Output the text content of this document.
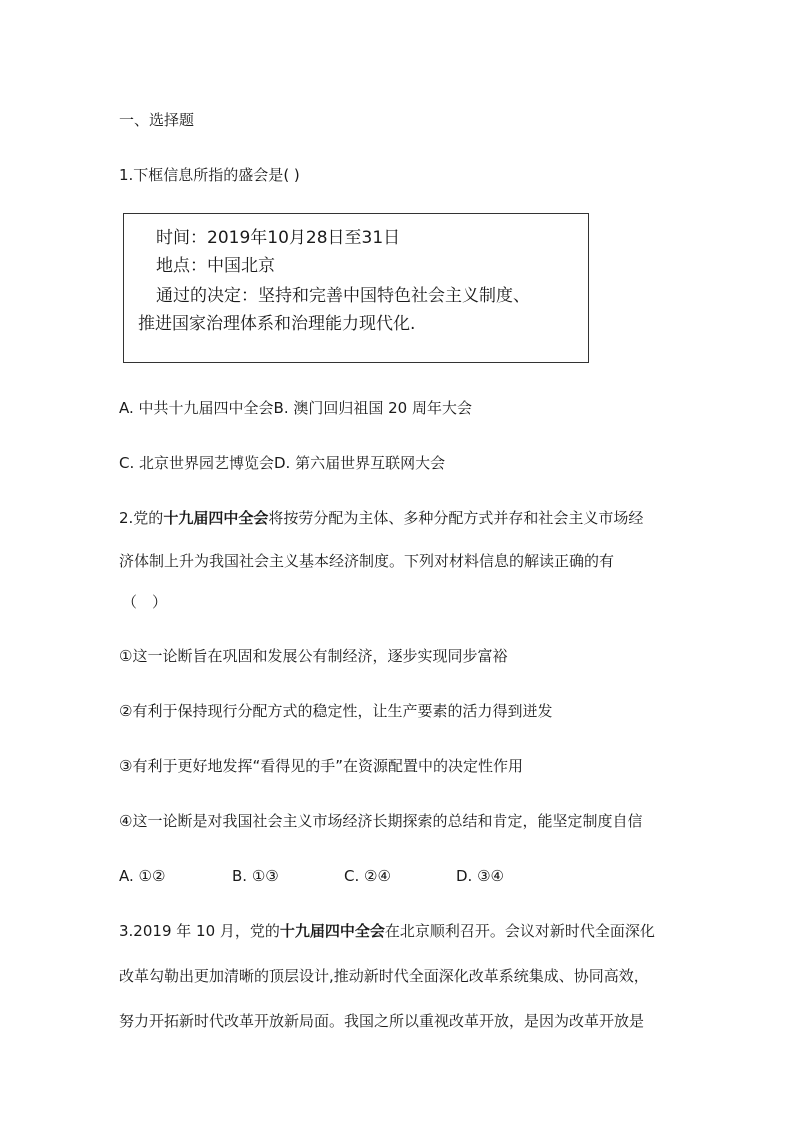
一、选择题
1.下框信息所指的盛会是( )
时间：2019年10月28日至31日
地点：中国北京
通过的决定：坚持和完善中国特色社会主义制度、
推进国家治理体系和治理能力现代化.
A. 中共十九届四中全会B. 澳门回归祖国 20 周年大会
C. 北京世界园艺博览会D. 第六届世界互联网大会
2.党的十九届四中全会将按劳分配为主体、多种分配方式并存和社会主义市场经
济体制上升为我国社会主义基本经济制度。下列对材料信息的解读正确的有
（　）
①这一论断旨在巩固和发展公有制经济，逐步实现同步富裕
②有利于保持现行分配方式的稳定性，让生产要素的活力得到迸发
③有利于更好地发挥“看得见的手”在资源配置中的决定性作用
④这一论断是对我国社会主义市场经济长期探索的总结和肯定，能坚定制度自信
A. ①②	B. ①③	C. ②④	D. ③④
3.2019 年 10 月，党的十九届四中全会在北京顺利召开。会议对新时代全面深化
改革勾勒出更加清晰的顶层设计,推动新时代全面深化改革系统集成、协同高效，
努力开拓新时代改革开放新局面。我国之所以重视改革开放，是因为改革开放是
